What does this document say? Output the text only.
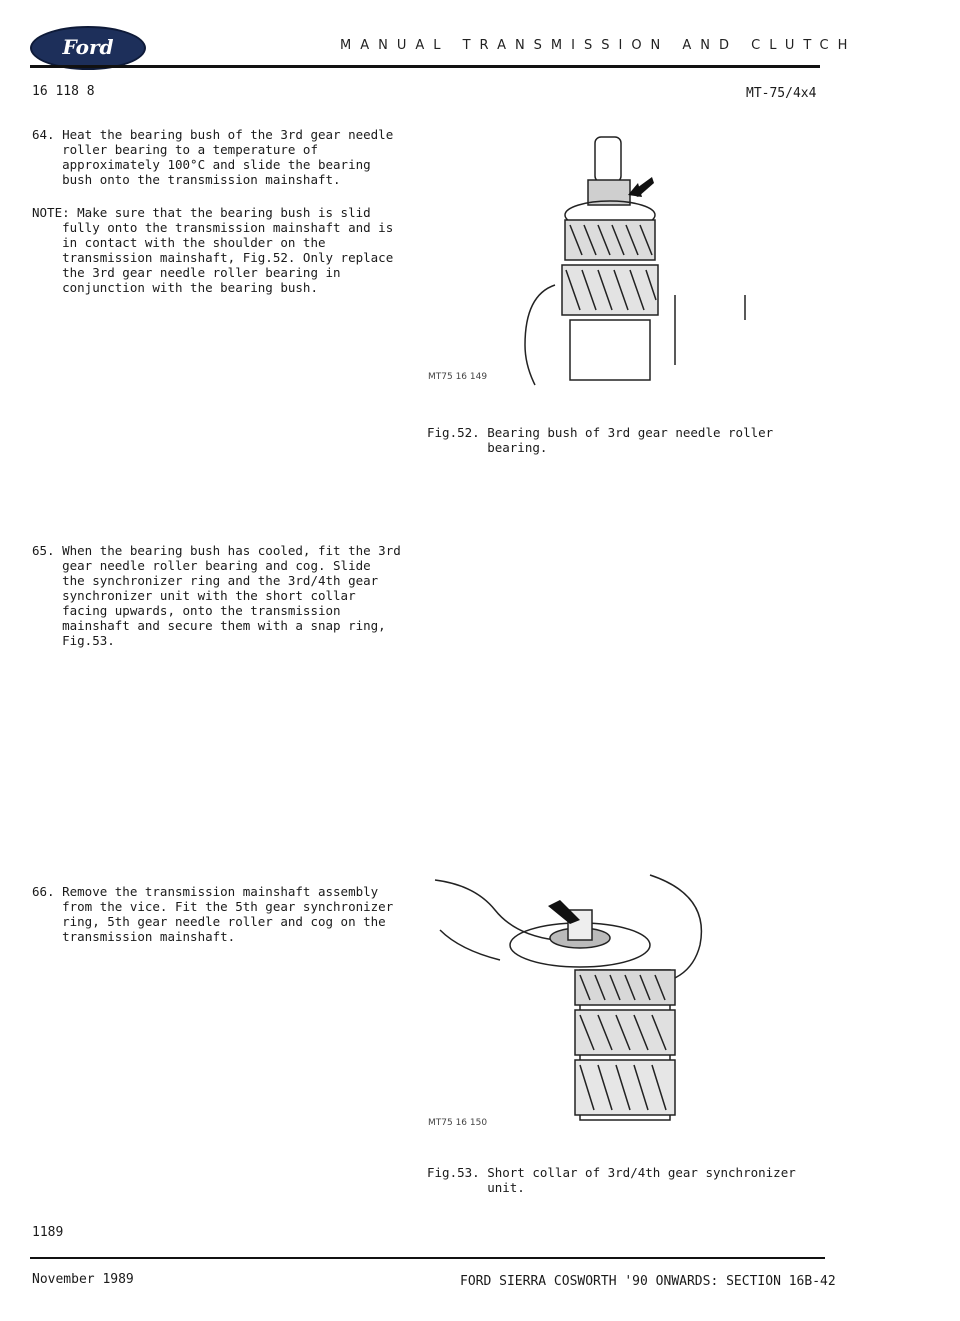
Ford	MANUAL TRANSMISSION AND CLUTCH
16 118 8	MT-75/4x4
64. Heat the bearing bush of the 3rd gear needle
roller bearing to a temperature of
approximately 100°C and slide the bearing
bush onto the transmission mainshaft.
NOTE: Make sure that the bearing bush is slid
fully onto the transmission mainshaft and is
in contact with the shoulder on the
transmission mainshaft, Fig.52. Only replace
the 3rd gear needle roller bearing in
conjunction with the bearing bush.
65. When the bearing bush has cooled, fit the 3rd
gear needle roller bearing and cog. Slide
the synchronizer ring and the 3rd/4th gear
synchronizer unit with the short collar
facing upwards, onto the transmission
mainshaft and secure them with a snap ring,
Fig.53.
66. Remove the transmission mainshaft assembly
from the vice. Fit the 5th gear synchronizer
ring, 5th gear needle roller and cog on the
transmission mainshaft.
MT75 16 149
Fig.52. Bearing bush of 3rd gear needle roller
bearing.
MT75 16 150
Fig.53. Short collar of 3rd/4th gear synchronizer
unit.
1189
November 1989	FORD SIERRA COSWORTH '90 ONWARDS: SECTION 16B-42
